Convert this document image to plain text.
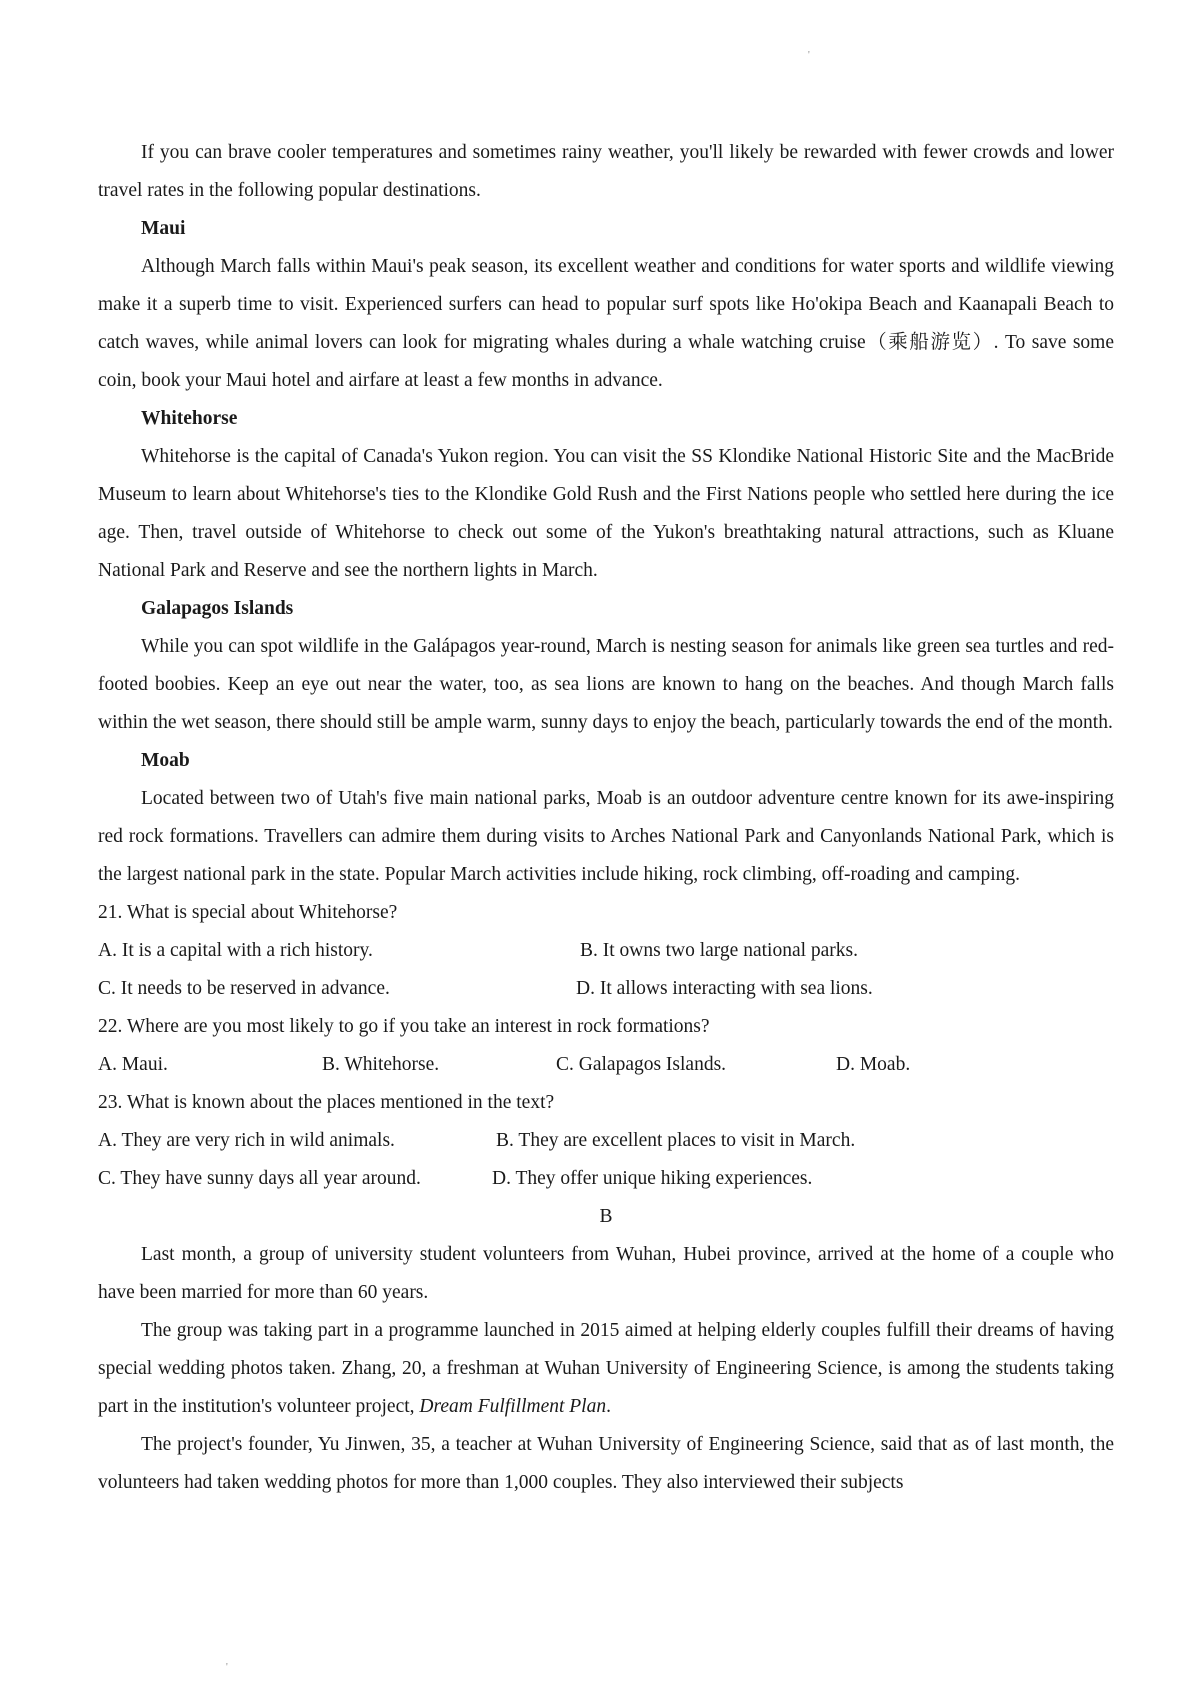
'

If you can brave cooler temperatures and sometimes rainy weather, you'll likely be rewarded with fewer crowds and lower travel rates in the following popular destinations.

Maui

Although March falls within Maui's peak season, its excellent weather and conditions for water sports and wildlife viewing make it a superb time to visit. Experienced surfers can head to popular surf spots like Ho'okipa Beach and Kaanapali Beach to catch waves, while animal lovers can look for migrating whales during a whale watching cruise（乘船游览）. To save some coin, book your Maui hotel and airfare at least a few months in advance.

Whitehorse

Whitehorse is the capital of Canada's Yukon region. You can visit the SS Klondike National Historic Site and the MacBride Museum to learn about Whitehorse's ties to the Klondike Gold Rush and the First Nations people who settled here during the ice age. Then, travel outside of Whitehorse to check out some of the Yukon's breathtaking natural attractions, such as Kluane National Park and Reserve and see the northern lights in March.

Galapagos Islands

While you can spot wildlife in the Galápagos year-round, March is nesting season for animals like green sea turtles and red-footed boobies. Keep an eye out near the water, too, as sea lions are known to hang on the beaches. And though March falls within the wet season, there should still be ample warm, sunny days to enjoy the beach, particularly towards the end of the month.

Moab

Located between two of Utah's five main national parks, Moab is an outdoor adventure centre known for its awe-inspiring red rock formations. Travellers can admire them during visits to Arches National Park and Canyonlands National Park, which is the largest national park in the state. Popular March activities include hiking, rock climbing, off-roading and camping.

21. What is special about Whitehorse?

A. It is a capital with a rich history.	B. It owns two large national parks.
C. It needs to be reserved in advance.	D. It allows interacting with sea lions.

22. Where are you most likely to go if you take an interest in rock formations?

A. Maui.	B. Whitehorse.	C. Galapagos Islands.	D. Moab.

23. What is known about the places mentioned in the text?

A. They are very rich in wild animals.	B. They are excellent places to visit in March.
C. They have sunny days all year around.	D. They offer unique hiking experiences.

B

Last month, a group of university student volunteers from Wuhan, Hubei province, arrived at the home of a couple who have been married for more than 60 years.

The group was taking part in a programme launched in 2015 aimed at helping elderly couples fulfill their dreams of having special wedding photos taken. Zhang, 20, a freshman at Wuhan University of Engineering Science, is among the students taking part in the institution's volunteer project, Dream Fulfillment Plan.

The project's founder, Yu Jinwen, 35, a teacher at Wuhan University of Engineering Science, said that as of last month, the volunteers had taken wedding photos for more than 1,000 couples. They also interviewed their subjects

'
